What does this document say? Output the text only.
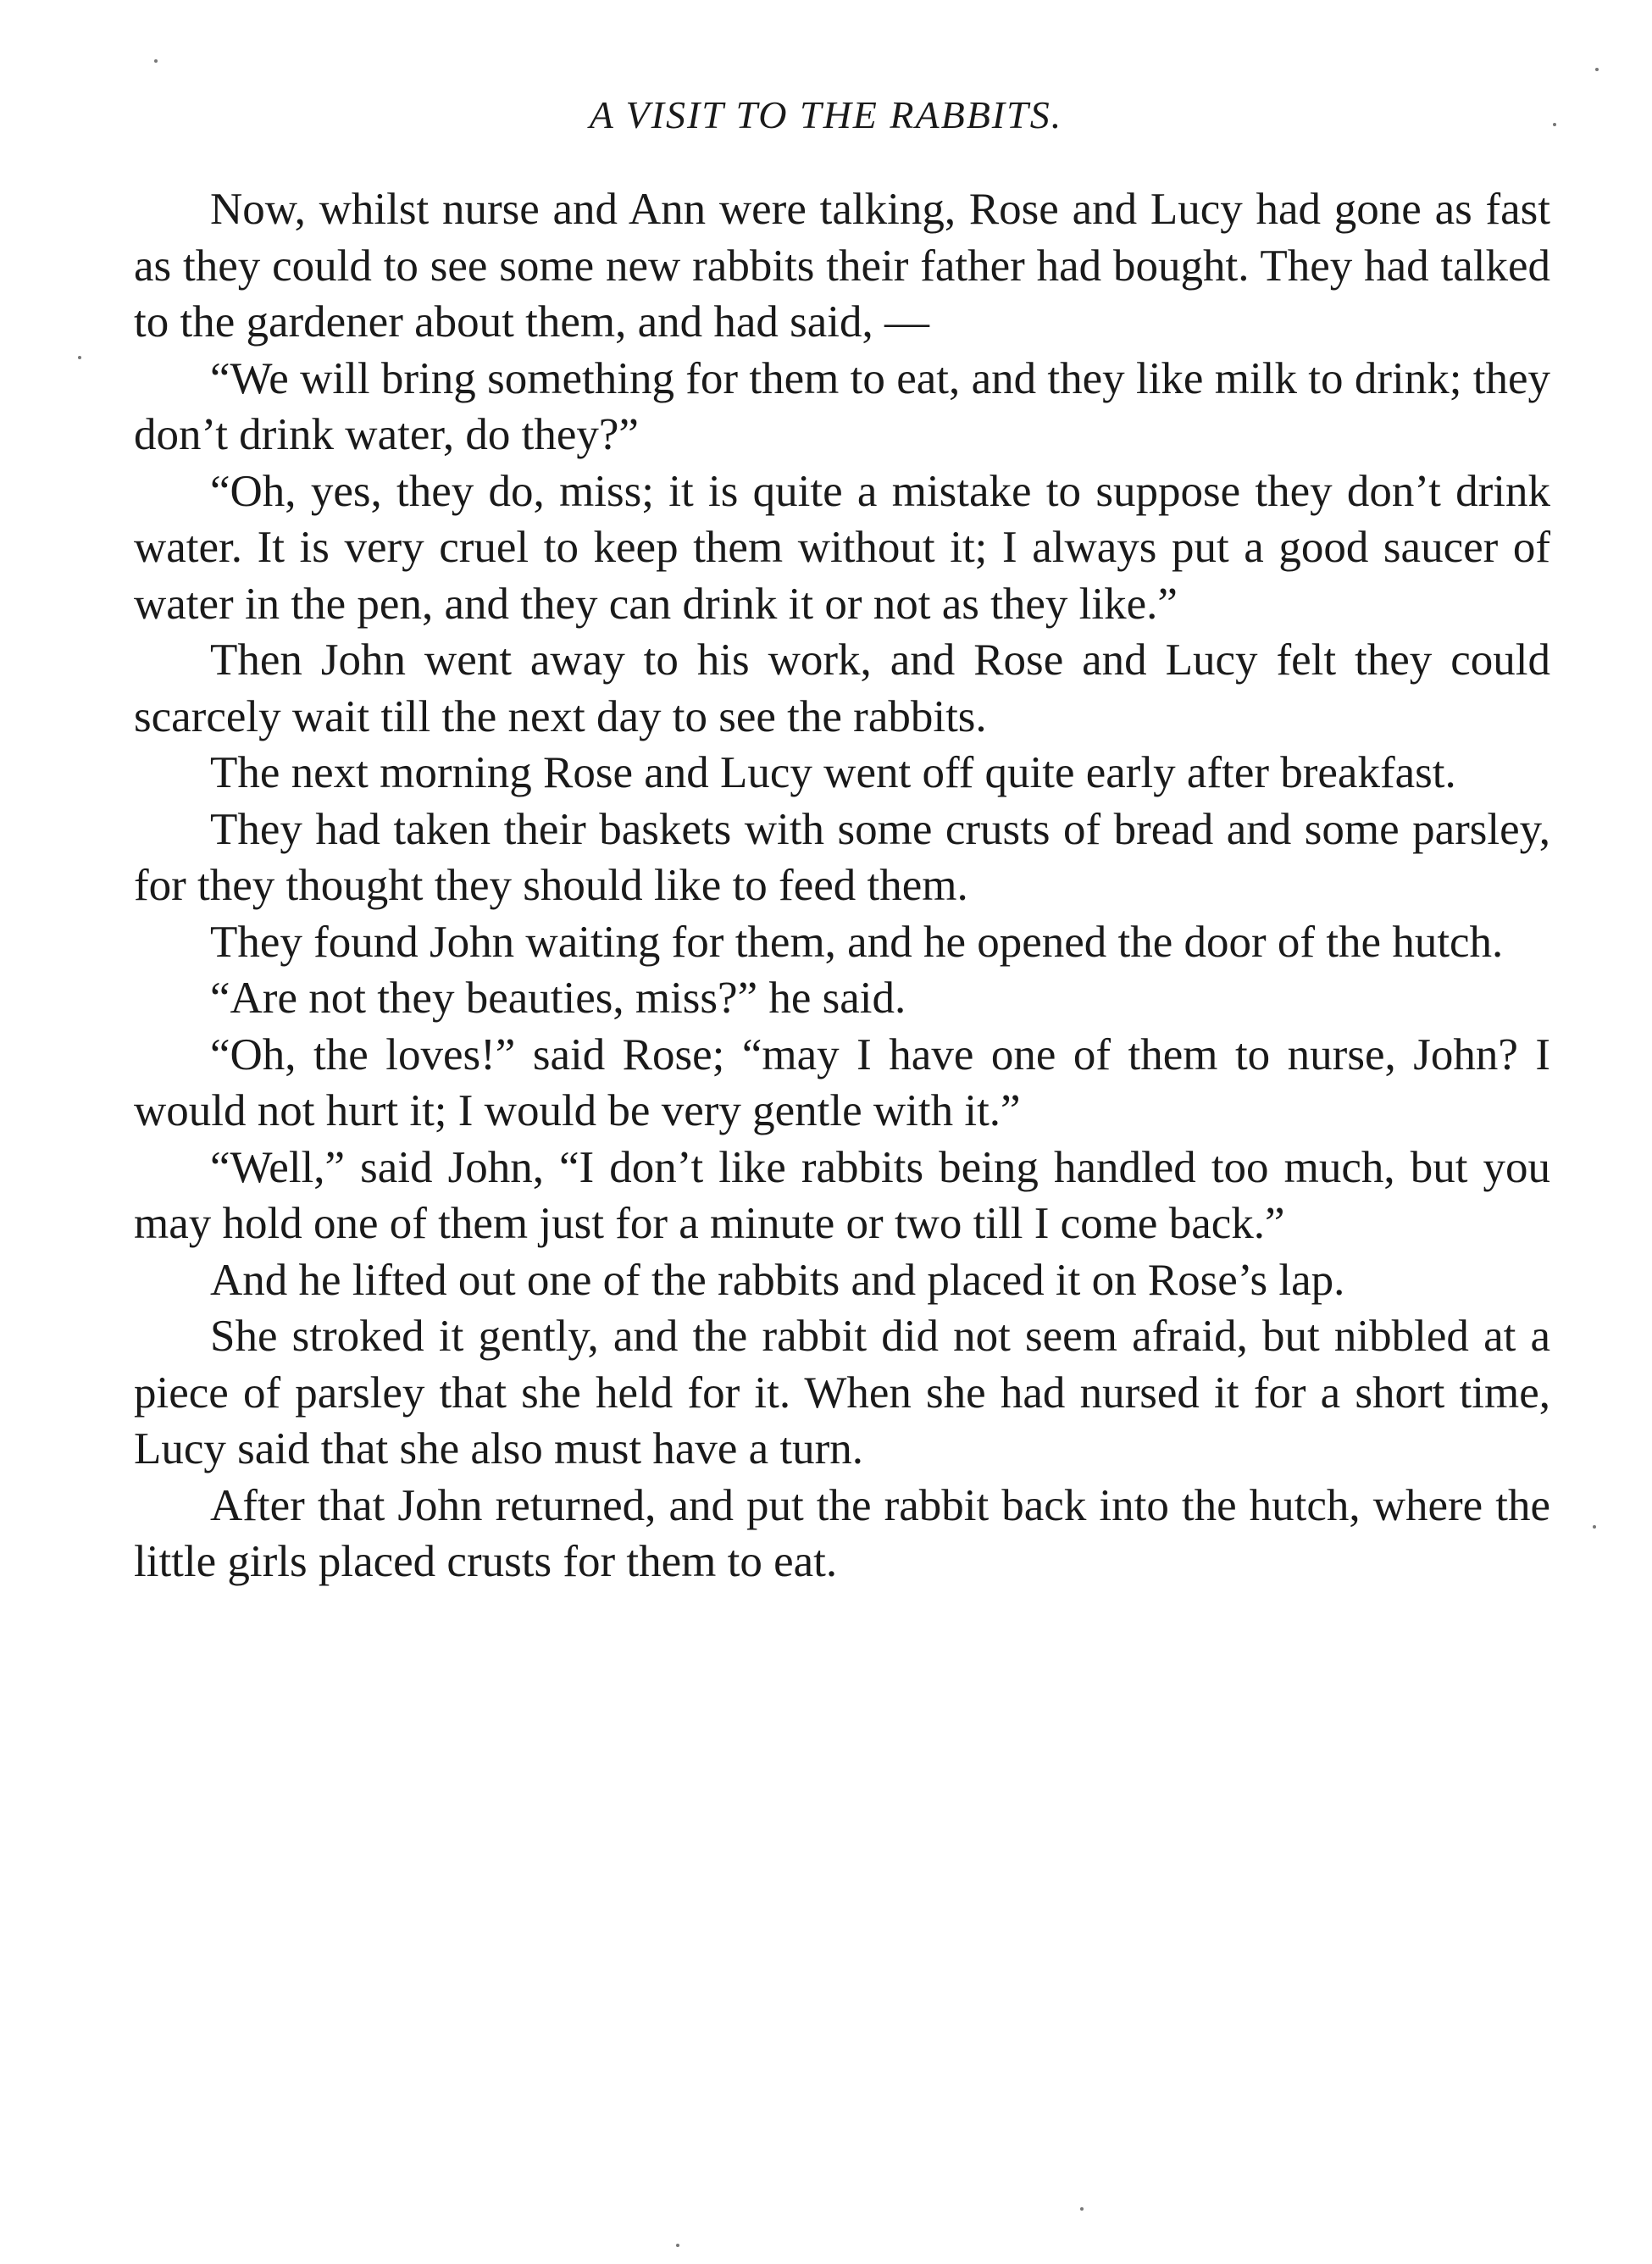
A VISIT TO THE RABBITS.

Now, whilst nurse and Ann were talking, Rose and Lucy had gone as fast as they could to see some new rabbits their father had bought. They had talked to the gardener about them, and had said, —

“We will bring something for them to eat, and they like milk to drink; they don’t drink water, do they?”

“Oh, yes, they do, miss; it is quite a mistake to suppose they don’t drink water. It is very cruel to keep them without it; I always put a good saucer of water in the pen, and they can drink it or not as they like.”

Then John went away to his work, and Rose and Lucy felt they could scarcely wait till the next day to see the rabbits.

The next morning Rose and Lucy went off quite early after breakfast.

They had taken their baskets with some crusts of bread and some parsley, for they thought they should like to feed them.

They found John waiting for them, and he opened the door of the hutch.

“Are not they beauties, miss?” he said.

“Oh, the loves!” said Rose; “may I have one of them to nurse, John? I would not hurt it; I would be very gentle with it.”

“Well,” said John, “I don’t like rabbits being handled too much, but you may hold one of them just for a minute or two till I come back.”

And he lifted out one of the rabbits and placed it on Rose’s lap.

She stroked it gently, and the rabbit did not seem afraid, but nibbled at a piece of parsley that she held for it. When she had nursed it for a short time, Lucy said that she also must have a turn.

After that John returned, and put the rabbit back into the hutch, where the little girls placed crusts for them to eat.
